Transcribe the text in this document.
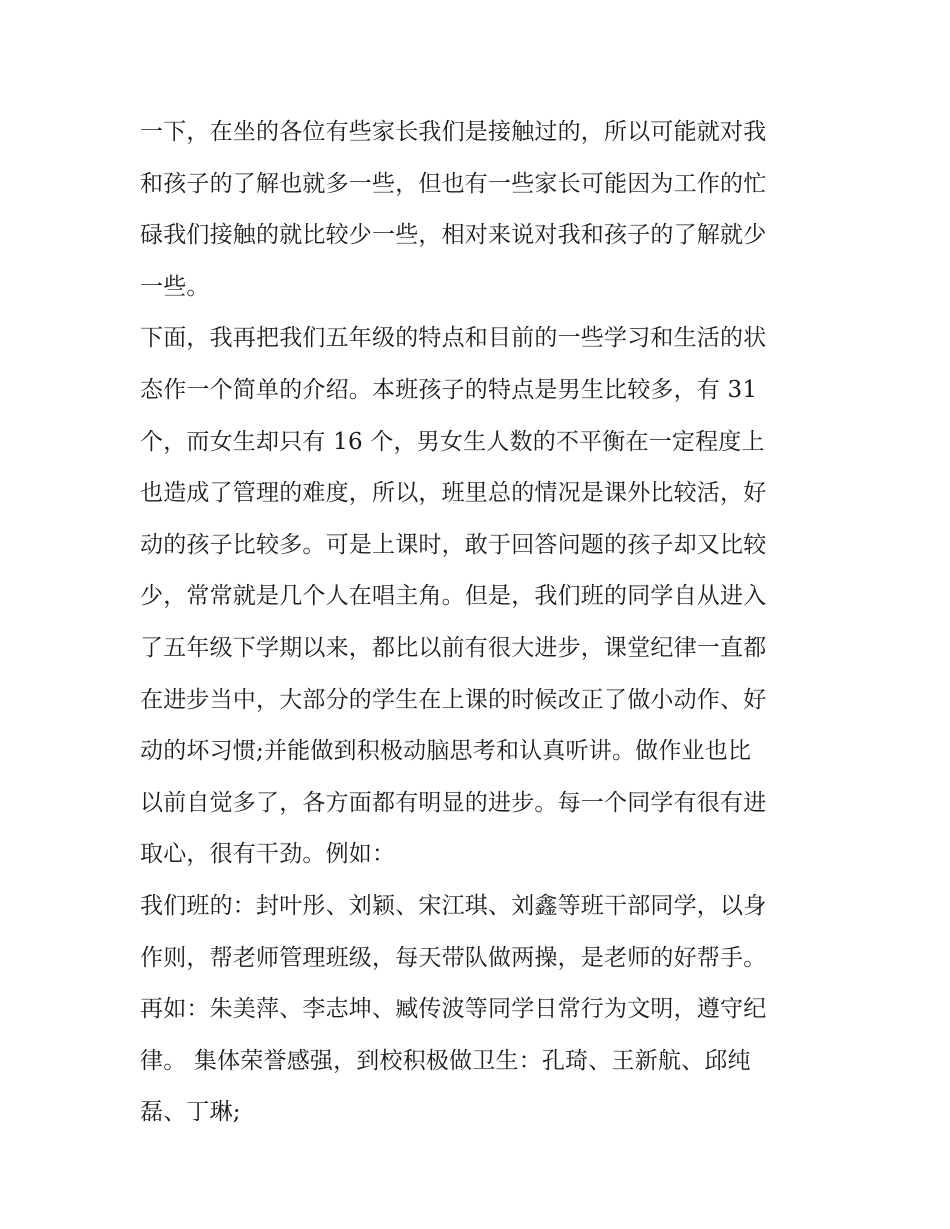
一下，在坐的各位有些家长我们是接触过的，所以可能就对我
和孩子的了解也就多一些，但也有一些家长可能因为工作的忙
碌我们接触的就比较少一些，相对来说对我和孩子的了解就少
一些。
下面，我再把我们五年级的特点和目前的一些学习和生活的状
态作一个简单的介绍。本班孩子的特点是男生比较多，有 31
个，而女生却只有 16 个，男女生人数的不平衡在一定程度上
也造成了管理的难度，所以，班里总的情况是课外比较活，好
动的孩子比较多。可是上课时，敢于回答问题的孩子却又比较
少，常常就是几个人在唱主角。但是，我们班的同学自从进入
了五年级下学期以来，都比以前有很大进步，课堂纪律一直都
在进步当中，大部分的学生在上课的时候改正了做小动作、好
动的坏习惯;并能做到积极动脑思考和认真听讲。做作业也比
以前自觉多了，各方面都有明显的进步。每一个同学有很有进
取心，很有干劲。例如：
我们班的：封叶彤、刘颖、宋江琪、刘鑫等班干部同学，以身
作则，帮老师管理班级，每天带队做两操，是老师的好帮手。
再如：朱美萍、李志坤、臧传波等同学日常行为文明，遵守纪
律。 集体荣誉感强，到校积极做卫生：孔琦、王新航、邱纯
磊、丁琳;
